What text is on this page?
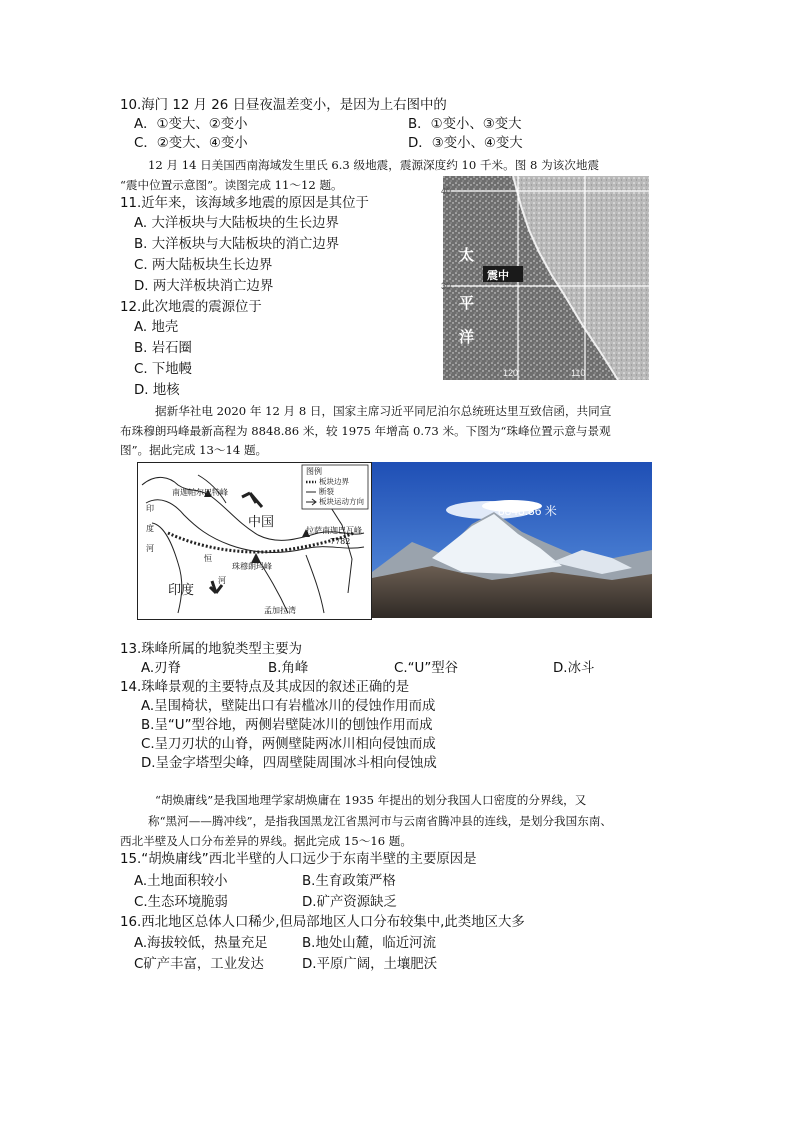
10.海门 12 月 26 日昼夜温差变小，是因为上右图中的
A．①变大、②变小	B．①变小、③变大
C．②变大、④变小	D．③变小、④变大
12 月 14 日美国西南海域发生里氏 6.3 级地震，震源深度约 10 千米。图 8 为该次地震
“震中位置示意图”。读图完成 11～12 题。
11.近年来，该海域多地震的原因是其位于
A. 大洋板块与大陆板块的生长边界
B. 大洋板块与大陆板块的消亡边界
C. 两大陆板块生长边界
D. 两大洋板块消亡边界
12.此次地震的震源位于
A. 地壳
B. 岩石圈
C. 下地幔
D. 地核
40
30
120	110
太
平
洋
震中
据新华社电 2020 年 12 月 8 日，国家主席习近平同尼泊尔总统班达里互致信函，共同宣
布珠穆朗玛峰最新高程为 8848.86 米，较 1975 年增高 0.73 米。下图为“珠峰位置示意与景观
图”。据此完成 13～14 题。
图例
板块边界
断裂
板块运动方向
南迦帕尔巴特峰
中国
拉萨 南迦巴瓦峰
7782
印度
珠穆朗玛峰
印
度
河
恒
河
孟加拉湾
8848.86 米
13.珠峰所属的地貌类型主要为
A.刃脊	B.角峰	C.“U”型谷	D.冰斗
14.珠峰景观的主要特点及其成因的叙述正确的是
A.呈围椅状，壁陡出口有岩槛冰川的侵蚀作用而成
B.呈“U”型谷地，两侧岩壁陡冰川的刨蚀作用而成
C.呈刀刃状的山脊，两侧壁陡两冰川相向侵蚀而成
D.呈金字塔型尖峰，四周壁陡周围冰斗相向侵蚀成
“胡焕庸线”是我国地理学家胡焕庸在 1935 年提出的划分我国人口密度的分界线，又
称“黑河——腾冲线”，是指我国黑龙江省黑河市与云南省腾冲县的连线，是划分我国东南、
西北半壁及人口分布差异的界线。据此完成 15～16 题。
15.“胡焕庸线”西北半壁的人口远少于东南半壁的主要原因是
A.土地面积较小	B.生育政策严格
C.生态环境脆弱	D.矿产资源缺乏
16.西北地区总体人口稀少,但局部地区人口分布较集中,此类地区大多
A.海拔较低，热量充足	B.地处山麓，临近河流
C矿产丰富，工业发达	D.平原广阔，土壤肥沃
